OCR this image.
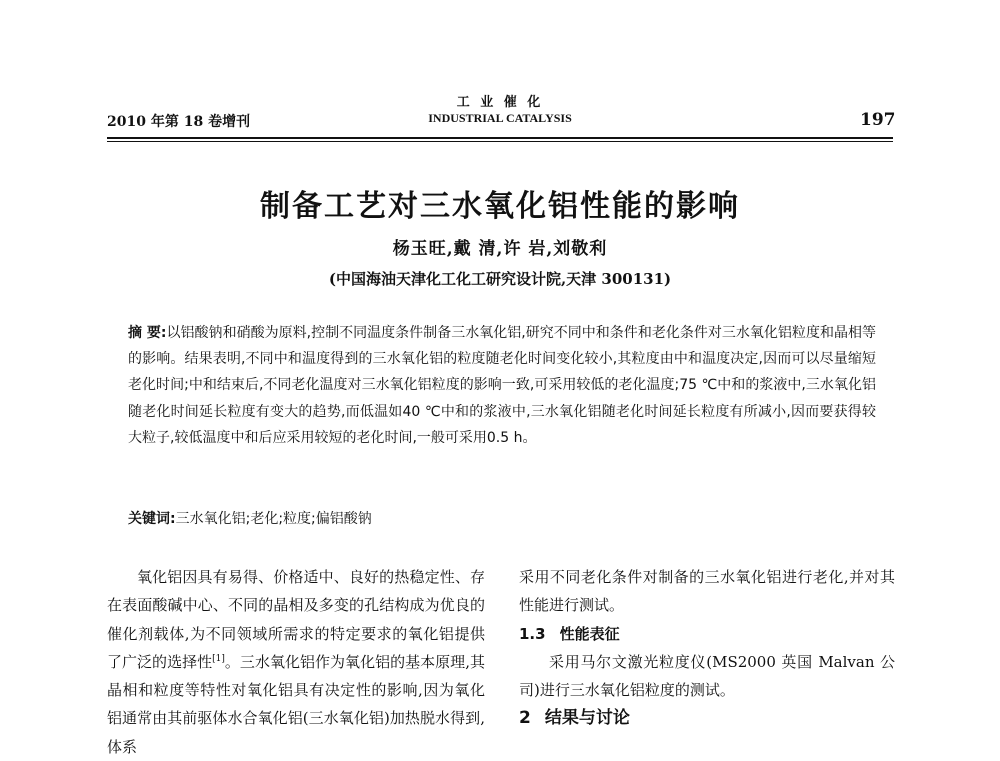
2010 年第 18 卷增刊
工 业 催 化
INDUSTRIAL CATALYSIS	197
制备工艺对三水氧化铝性能的影响
杨玉旺,戴 清,许 岩,刘敬利
(中国海油天津化工化工研究设计院,天津 300131)
摘 要:以铝酸钠和硝酸为原料,控制不同温度条件制备三水氧化铝,研究不同中和条件和老化条件对三水氧化铝粒度和晶相等的影响。结果表明,不同中和温度得到的三水氧化铝的粒度随老化时间变化较小,其粒度由中和温度决定,因而可以尽量缩短老化时间;中和结束后,不同老化温度对三水氧化铝粒度的影响一致,可采用较低的老化温度;75 ℃中和的浆液中,三水氧化铝随老化时间延长粒度有变大的趋势,而低温如40 ℃中和的浆液中,三水氧化铝随老化时间延长粒度有所减小,因而要获得较大粒子,较低温度中和后应采用较短的老化时间,一般可采用0.5 h。
关键词:三水氧化铝;老化;粒度;偏铝酸钠

氧化铝因具有易得、价格适中、良好的热稳定性、存在表面酸碱中心、不同的晶相及多变的孔结构成为优良的催化剂载体,为不同领域所需求的特定要求的氧化铝提供了广泛的选择性[1]。三水氧化铝作为氧化铝的基本原理,其晶相和粒度等特性对氧化铝具有决定性的影响,因为氧化铝通常由其前驱体水合氧化铝(三水氧化铝)加热脱水得到,体系

采用不同老化条件对制备的三水氧化铝进行老化,并对其性能进行测试。

1.3 性能表征

采用马尔文激光粒度仪(MS2000 英国 Malvan 公司)进行三水氧化铝粒度的测试。

2 结果与讨论
